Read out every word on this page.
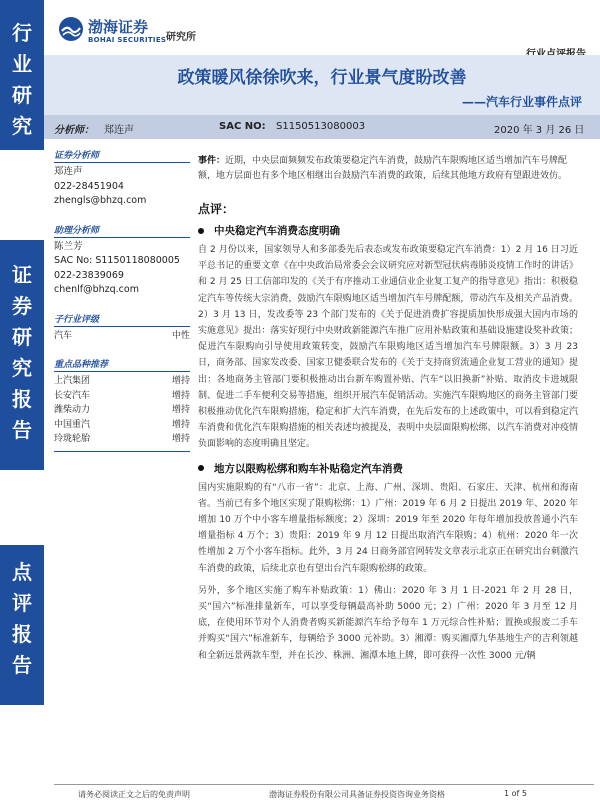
行
业
研
究
证
券
研
究
报
告
点
评
报
告
渤海证券
BOHAI SECURITIES 研究所
政策暖风徐徐吹来，行业景气度盼改善
——汽车行业事件点评
分析师： 郑连声	SAC NO: S1150513080003	2020 年 3 月 26 日
证券分析师
郑连声
022-28451904
zhengls@bhzq.com
助理分析师
陈兰芳
SAC No: S1150118080005
022-23839069
chenlf@bhzq.com
子行业评级
汽车	中性
重点品种推荐
上汽集团	增持
长安汽车	增持
潍柴动力	增持
中国重汽	增持
玲珑轮胎	增持
事件：近期，中央层面频频发布政策要稳定汽车消费，鼓励汽车限购地区适当增加汽车号牌配额，地方层面也有多个地区相继出台鼓励汽车消费的政策，后续其他地方政府有望跟进效仿。
点评：
中央稳定汽车消费态度明确
自 2 月份以来，国家领导人和多部委先后表态或发布政策要稳定汽车消费：1）2 月 16 日习近平总书记的重要文章《在中央政治局常委会会议研究应对新型冠状病毒肺炎疫情工作时的讲话》和 2 月 25 日工信部印发的《关于有序推动工业通信业企业复工复产的指导意见》指出：积极稳定汽车等传统大宗消费，鼓励汽车限购地区适当增加汽车号牌配额，带动汽车及相关产品消费。2）3 月 13 日，发改委等 23 个部门发布的《关于促进消费扩容提质加快形成强大国内市场的实施意见》提出：落实好现行中央财政新能源汽车推广应用补贴政策和基础设施建设奖补政策；促进汽车限购向引导使用政策转变，鼓励汽车限购地区适当增加汽车号牌限额。3）3 月 23 日，商务部、国家发改委、国家卫健委联合发布的《关于支持商贸流通企业复工营业的通知》提出：各地商务主管部门要积极推动出台新车购置补贴、汽车“以旧换新”补贴、取消皮卡进城限制、促进二手车便利交易等措施，组织开展汽车促销活动。实施汽车限购地区的商务主管部门要积极推动优化汽车限购措施，稳定和扩大汽车消费，在先后发布的上述政策中，可以看到稳定汽车消费和优化汽车限购措施的相关表述均被提及，表明中央层面限购松绑、以汽车消费对冲疫情负面影响的态度明确且坚定。
地方以限购松绑和购车补贴稳定汽车消费
国内实施限购的有“八市一省”：北京、上海、广州、深圳、贵阳、石家庄、天津、杭州和海南省。当前已有多个地区实现了限购松绑：1）广州：2019 年 6 月 2 日提出 2019 年、2020 年增加 10 万个中小客车增量指标额度；2）深圳：2019 年至 2020 年每年增加投放普通小汽车增量指标 4 万个；3）贵阳：2019 年 9 月 12 日提出取消汽车限购；4）杭州：2020 年一次性增加 2 万个小客车指标。此外，3 月 24 日商务部官网转发文章表示北京正在研究出台刺激汽车消费的政策，后续北京也有望出台汽车限购松绑的政策。
另外，多个地区实施了购车补贴政策：1）佛山：2020 年 3 月 1 日-2021 年 2 月 28 日，买“国六”标准排量新车，可以享受每辆最高补助 5000 元；2）广州：2020 年 3 月至 12 月底，在使用环节对个人消费者购买新能源汽车给予每车 1 万元综合性补贴；置换或报废二手车并购买“国六”标准新车，每辆给予 3000 元补助。3）湘潭：购买湘潭九华基地生产的吉利领越和全新远景两款车型，并在长沙、株洲、湘潭本地上牌，即可获得一次性 3000 元/辆
请务必阅读正文之后的免责声明	渤海证券股份有限公司具备证券投资咨询业务资格	1 of 5
